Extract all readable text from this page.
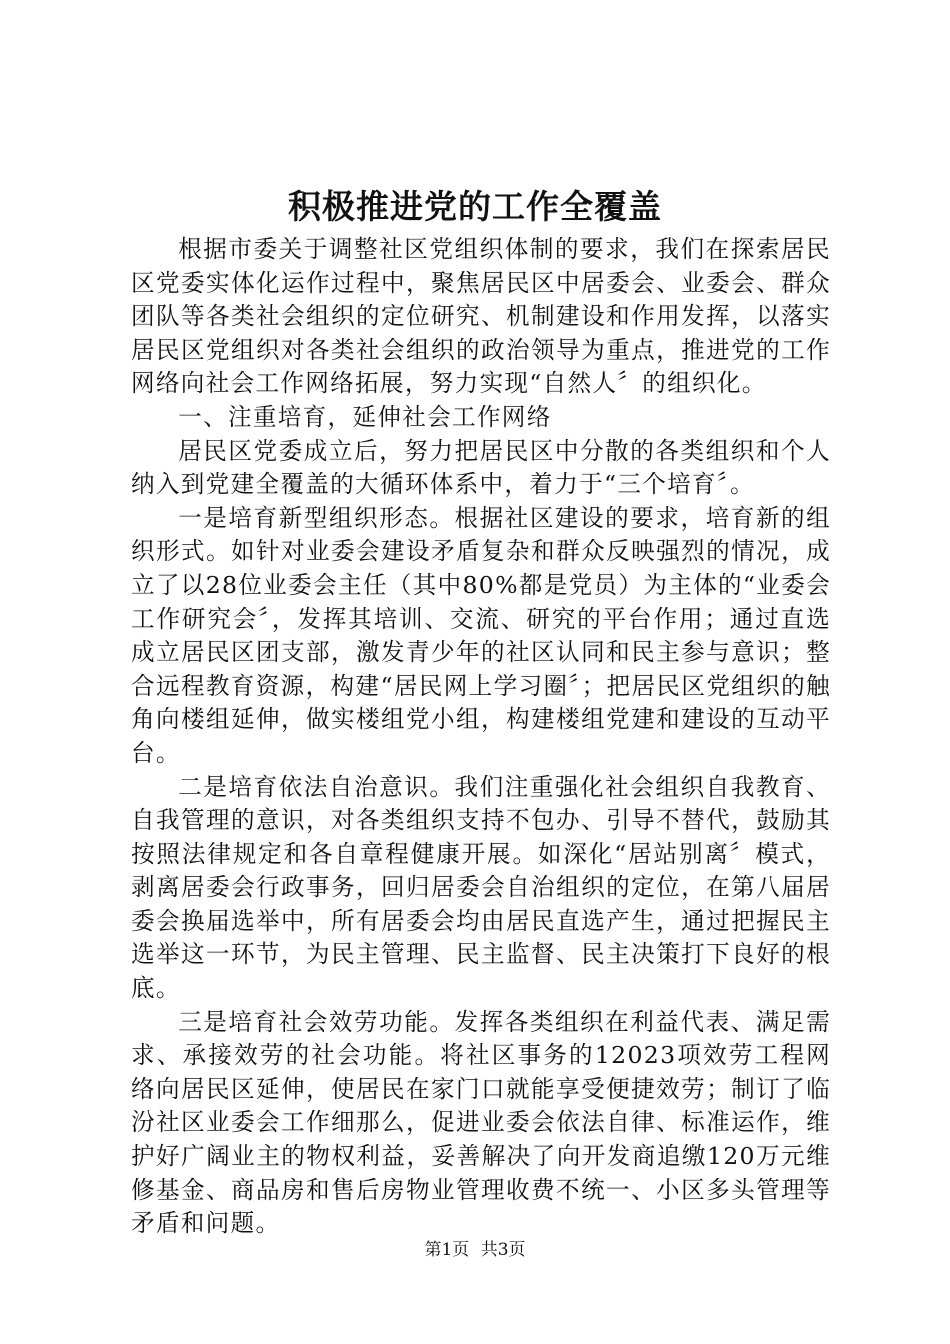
积极推进党的工作全覆盖

根据市委关于调整社区党组织体制的要求，我们在探索居民区党委实体化运作过程中，聚焦居民区中居委会、业委会、群众团队等各类社会组织的定位研究、机制建设和作用发挥，以落实居民区党组织对各类社会组织的政治领导为重点，推进党的工作网络向社会工作网络拓展，努力实现“自然人〞的组织化。

一、注重培育，延伸社会工作网络

居民区党委成立后，努力把居民区中分散的各类组织和个人纳入到党建全覆盖的大循环体系中，着力于“三个培育〞。

一是培育新型组织形态。根据社区建设的要求，培育新的组织形式。如针对业委会建设矛盾复杂和群众反映强烈的情况，成立了以28位业委会主任（其中80%都是党员）为主体的“业委会工作研究会〞，发挥其培训、交流、研究的平台作用；通过直选成立居民区团支部，激发青少年的社区认同和民主参与意识；整合远程教育资源，构建“居民网上学习圈〞；把居民区党组织的触角向楼组延伸，做实楼组党小组，构建楼组党建和建设的互动平台。

二是培育依法自治意识。我们注重强化社会组织自我教育、自我管理的意识，对各类组织支持不包办、引导不替代，鼓励其按照法律规定和各自章程健康开展。如深化“居站别离〞模式，剥离居委会行政事务，回归居委会自治组织的定位，在第八届居委会换届选举中，所有居委会均由居民直选产生，通过把握民主选举这一环节，为民主管理、民主监督、民主决策打下良好的根底。

三是培育社会效劳功能。发挥各类组织在利益代表、满足需求、承接效劳的社会功能。将社区事务的12023项效劳工程网络向居民区延伸，使居民在家门口就能享受便捷效劳；制订了临汾社区业委会工作细那么，促进业委会依法自律、标准运作，维护好广阔业主的物权利益，妥善解决了向开发商追缴120万元维修基金、商品房和售后房物业管理收费不统一、小区多头管理等矛盾和问题。

第1页 共3页
